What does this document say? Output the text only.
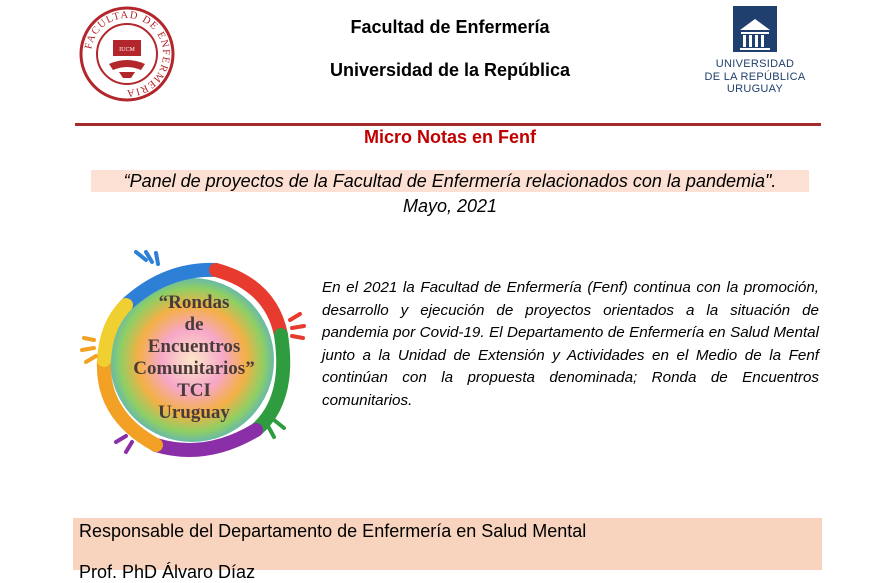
FACULTAD DE ENFERMERIA
IUCM
Facultad de Enfermería
Universidad de la República	UNIVERSIDAD
DE LA REPÚBLICA
URUGUAY
Micro Notas en Fenf
“Panel de proyectos de la Facultad de Enfermería relacionados con la pandemia".
Mayo, 2021
“Rondas
de
Encuentros
Comunitarios”
TCI
Uruguay
En el 2021 la Facultad de Enfermería (Fenf) continua con la promoción, desarrollo y ejecución de proyectos orientados a la situación de pandemia por Covid-19. El Departamento de Enfermería en Salud Mental junto a la Unidad de Extensión y Actividades en el Medio de la Fenf continúan con la propuesta denominada; Ronda de Encuentros comunitarios.
Responsable del Departamento de Enfermería en Salud Mental
Prof. PhD Álvaro Díaz
